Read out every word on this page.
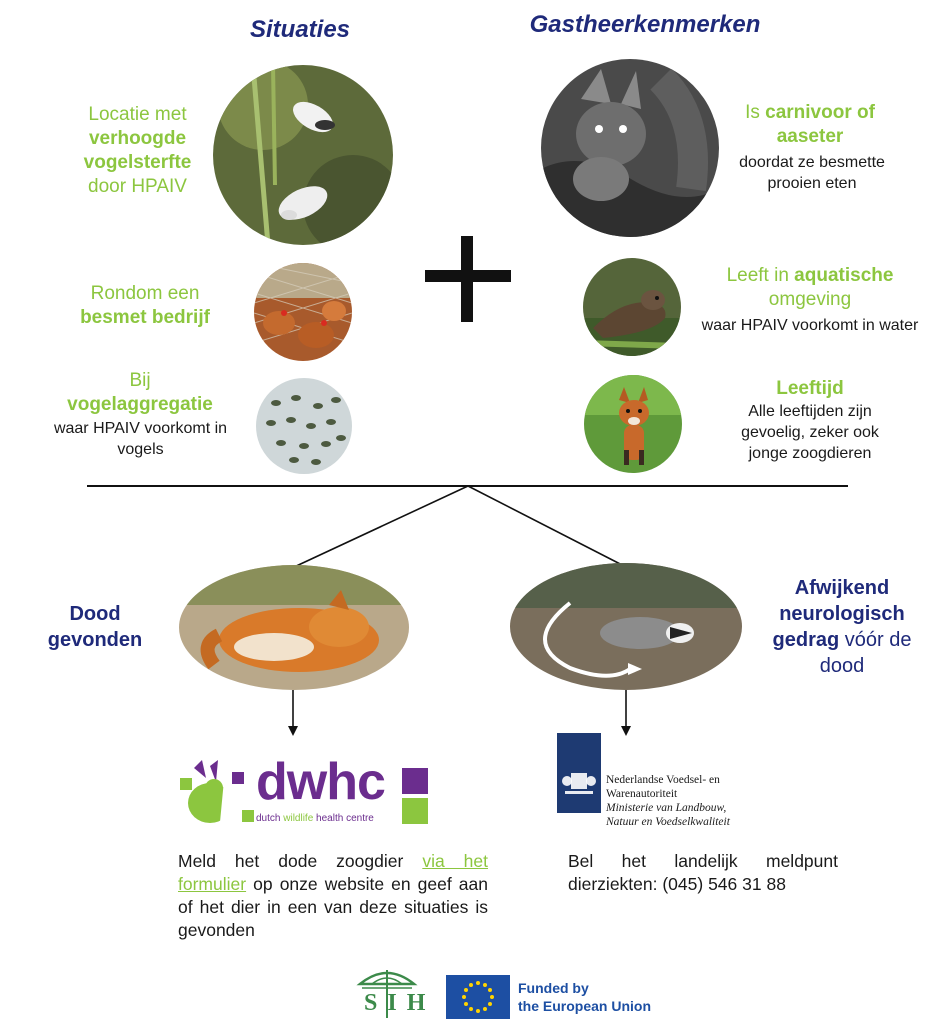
Situaties	Gastheerkenmerken
Locatie met
verhoogde vogelsterfte
door HPAIV
Rondom een
besmet bedrijf
Bij
vogelaggregatie
waar HPAIV voorkomt in vogels
Is carnivoor of aaseter
doordat ze besmette prooien eten
Leeft in aquatische
omgeving
waar HPAIV voorkomt in water
Leeftijd
Alle leeftijden zijn gevoelig, zeker ook jonge zoogdieren
Dood gevonden
Afwijkend neurologisch gedrag vóór de
dood
dwhc
dutch wildlife health centre
Nederlandse Voedsel- en
Warenautoriteit
Ministerie van Landbouw,
Natuur en Voedselkwaliteit
Meld het dode zoogdier via het formulier op onze website en geef aan of het dier in een van deze situaties is gevonden
Bel het landelijk meldpunt dierziekten: (045) 546 31 88
SIH
Funded by
the European Union
